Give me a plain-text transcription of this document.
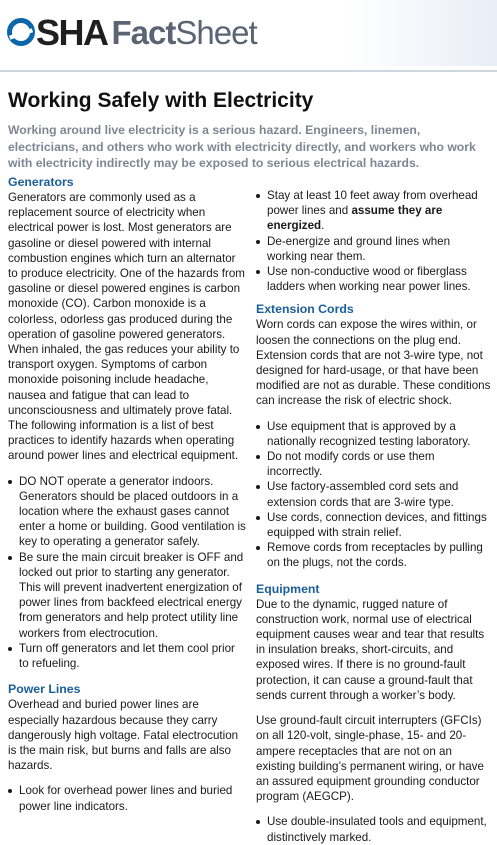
SHA Fact Sheet
Working Safely with Electricity

Working around live electricity is a serious hazard. Engineers, linemen, electricians, and others who work with electricity directly, and workers who work with electricity indirectly may be exposed to serious electrical hazards.

Generators

Generators are commonly used as a replacement source of electricity when electrical power is lost. Most generators are gasoline or diesel powered with internal combustion engines which turn an alternator to produce electricity. One of the hazards from gasoline or diesel powered engines is carbon monoxide (CO). Carbon monoxide is a colorless, odorless gas produced during the operation of gasoline powered generators. When inhaled, the gas reduces your ability to transport oxygen. Symptoms of carbon monoxide poisoning include headache, nausea and fatigue that can lead to unconsciousness and ultimately prove fatal. The following information is a list of best practices to identify hazards when operating around power lines and electrical equipment.

DO NOT operate a generator indoors. Generators should be placed outdoors in a location where the exhaust gases cannot enter a home or building. Good ventilation is key to operating a generator safely.
Be sure the main circuit breaker is OFF and locked out prior to starting any generator. This will prevent inadvertent energization of power lines from backfeed electrical energy from generators and help protect utility line workers from electrocution.
Turn off generators and let them cool prior to refueling.
Power Lines

Overhead and buried power lines are especially hazardous because they carry dangerously high voltage. Fatal electrocution is the main risk, but burns and falls are also hazards.

Look for overhead power lines and buried power line indicators.
Stay at least 10 feet away from overhead power lines and assume they are energized.
De-energize and ground lines when working near them.
Use non-conductive wood or fiberglass ladders when working near power lines.
Extension Cords

Worn cords can expose the wires within, or loosen the connections on the plug end. Extension cords that are not 3-wire type, not designed for hard-usage, or that have been modified are not as durable. These conditions can increase the risk of electric shock.

Use equipment that is approved by a nationally recognized testing laboratory.
Do not modify cords or use them incorrectly.
Use factory-assembled cord sets and extension cords that are 3-wire type.
Use cords, connection devices, and fittings equipped with strain relief.
Remove cords from receptacles by pulling on the plugs, not the cords.
Equipment

Due to the dynamic, rugged nature of construction work, normal use of electrical equipment causes wear and tear that results in insulation breaks, short-circuits, and exposed wires. If there is no ground-fault protection, it can cause a ground-fault that sends current through a worker’s body.

Use ground-fault circuit interrupters (GFCIs) on all 120-volt, single-phase, 15- and 20-ampere receptacles that are not on an existing building’s permanent wiring, or have an assured equipment grounding conductor program (AEGCP).

Use double-insulated tools and equipment, distinctively marked.
